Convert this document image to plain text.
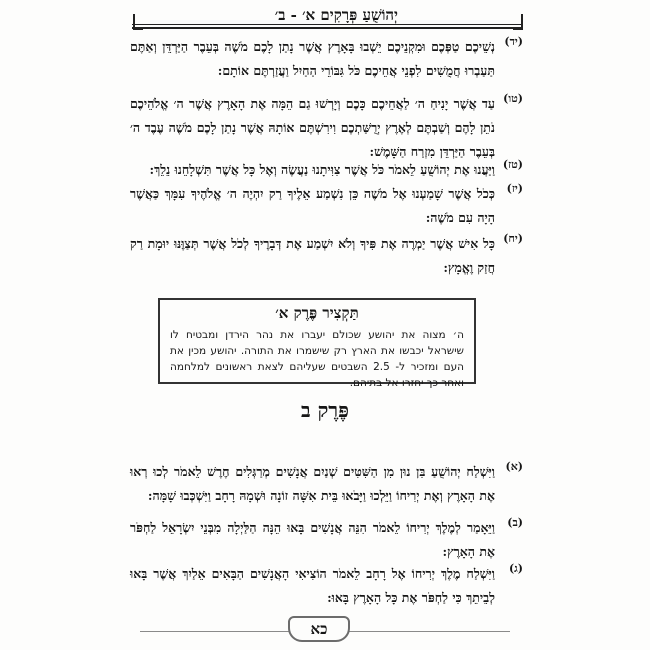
יְהוֹשֻׁעַ פְּרָקִים א׳ - ב׳
(יד)
נְשֵׁיכֶם טַפְּכֶם וּמִקְנֵיכֶם יֵשְׁבוּ בָּאָרֶץ אֲשֶׁר נָתַן לָכֶם מֹשֶׁה בְּעֵבֶר הַיַּרְדֵּן וְאַתֶּם תַּעַבְרוּ חֲמֻשִׁים לִפְנֵי אֲחֵיכֶם כֹּל גִּבּוֹרֵי הַחַיִל וַעֲזַרְתֶּם אוֹתָם:
(טו)
עַד אֲשֶׁר יָנִיחַ ה׳ לַאֲחֵיכֶם כָּכֶם וְיָרְשׁוּ גַם הֵמָּה אֶת הָאָרֶץ אֲשֶׁר ה׳ אֱלֹהֵיכֶם נֹתֵן לָהֶם וְשַׁבְתֶּם לְאֶרֶץ יְרֻשַּׁתְכֶם וִירִשְׁתֶּם אוֹתָהּ אֲשֶׁר נָתַן לָכֶם מֹשֶׁה עֶבֶד ה׳ בְּעֵבֶר הַיַּרְדֵּן מִזְרַח הַשָּׁמֶשׁ:
(טז)
וַיַּעֲנוּ אֶת יְהוֹשֻׁעַ לֵאמֹר כֹּל אֲשֶׁר צִוִּיתָנוּ נַעֲשֶׂה וְאֶל כָּל אֲשֶׁר תִּשְׁלָחֵנוּ נֵלֵךְ:
(יז)
כְּכֹל אֲשֶׁר שָׁמַעְנוּ אֶל מֹשֶׁה כֵּן נִשְׁמַע אֵלֶיךָ רַק יִהְיֶה ה׳ אֱלֹהֶיךָ עִמָּךְ כַּאֲשֶׁר הָיָה עִם מֹשֶׁה:
(יח)
כָּל אִישׁ אֲשֶׁר יַמְרֶה אֶת פִּיךָ וְלֹא יִשְׁמַע אֶת דְּבָרֶיךָ לְכֹל אֲשֶׁר תְּצַוֶּנּוּ יוּמָת רַק חֲזַק וֶאֱמָץ:
תַּקְצִיר פֶּרֶק א׳
ה׳ מצוה את יהושע שכולם יעברו את נהר הירדן ומבטיח לו שישראל יכבשו את הארץ רק שישמרו את התורה. יהושע מכין את העם ומזכיר ל- 2.5 השבטים שעליהם לצאת ראשונים למלחמה ואחר כך יחזרו אל בתיהם.
פֶּרֶק ב
(א)
וַיִּשְׁלַח יְהוֹשֻׁעַ בִּן נוּן מִן הַשִּׁטִּים שְׁנַיִם אֲנָשִׁים מְרַגְּלִים חֶרֶשׁ לֵאמֹר לְכוּ רְאוּ אֶת הָאָרֶץ וְאֶת יְרִיחוֹ וַיֵּלְכוּ וַיָּבֹאוּ בֵּית אִשָּׁה זוֹנָה וּשְׁמָהּ רָחָב וַיִּשְׁכְּבוּ שָׁמָּה:
(ב)
וַיֵּאָמַר לְמֶלֶךְ יְרִיחוֹ לֵאמֹר הִנֵּה אֲנָשִׁים בָּאוּ הֵנָּה הַלַּיְלָה מִבְּנֵי יִשְׂרָאֵל לַחְפֹּר אֶת הָאָרֶץ:
(ג)
וַיִּשְׁלַח מֶלֶךְ יְרִיחוֹ אֶל רָחָב לֵאמֹר הוֹצִיאִי הָאֲנָשִׁים הַבָּאִים אֵלַיִךְ אֲשֶׁר בָּאוּ לְבֵיתֵךְ כִּי לַחְפֹּר אֶת כָּל הָאָרֶץ בָּאוּ:
כא
